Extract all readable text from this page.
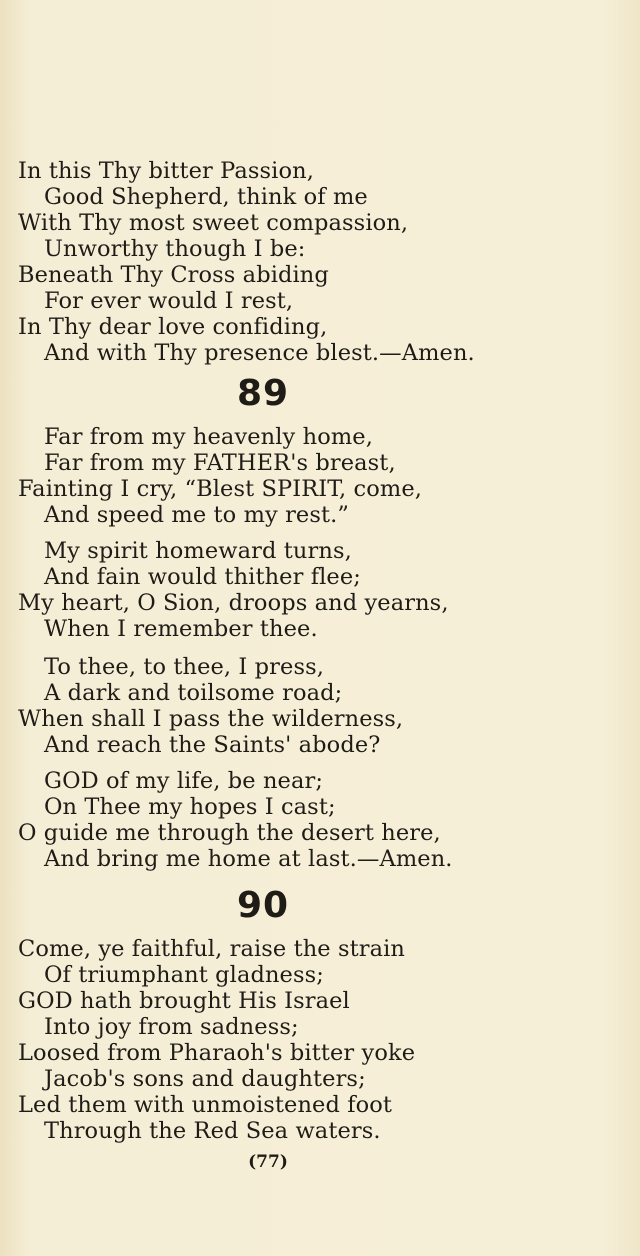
In this Thy bitter Passion,
Good Shepherd, think of me
With Thy most sweet compassion,
Unworthy though I be:
Beneath Thy Cross abiding
For ever would I rest,
In Thy dear love confiding,
And with Thy presence blest.—Amen.
89
Far from my heavenly home,
Far from my FATHER's breast,
Fainting I cry, “Blest SPIRIT, come,
And speed me to my rest.”
My spirit homeward turns,
And fain would thither flee;
My heart, O Sion, droops and yearns,
When I remember thee.
To thee, to thee, I press,
A dark and toilsome road;
When shall I pass the wilderness,
And reach the Saints' abode?
GOD of my life, be near;
On Thee my hopes I cast;
O guide me through the desert here,
And bring me home at last.—Amen.
90
Come, ye faithful, raise the strain
Of triumphant gladness;
GOD hath brought His Israel
Into joy from sadness;
Loosed from Pharaoh's bitter yoke
Jacob's sons and daughters;
Led them with unmoistened foot
Through the Red Sea waters.
(77)
